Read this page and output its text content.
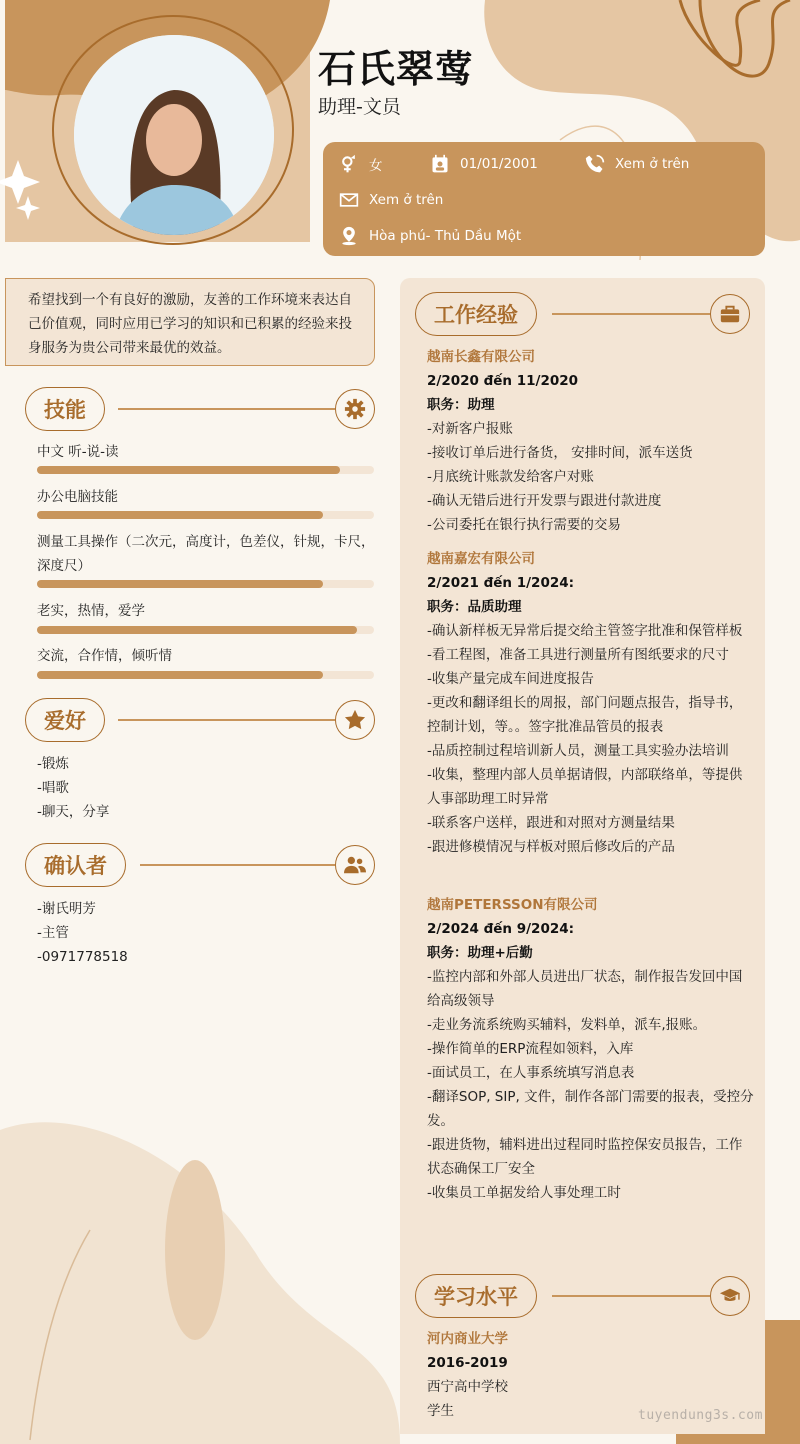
石氏翠莺
助理-文员
女	01/01/2001	Xem ở trên
Xem ở trên
Hòa phú- Thủ Dầu Một
希望找到一个有良好的激励，友善的工作环境来表达自己价值观，同时应用已学习的知识和已积累的经验来投身服务为贵公司带来最优的效益。
技能
中文 听-说-读
办公电脑技能
测量工具操作（二次元，高度计，色差仪，针规，卡尺，深度尺）
老实，热情，爱学
交流，合作情，倾听情
爱好
-锻炼
-唱歌
-聊天，分享
确认者
-谢氏明芳
-主管
-0971778518
工作经验
越南长鑫有限公司
2/2020 đến 11/2020
职务：助理
-对新客户报账
-接收订单后进行备货， 安排时间，派车送货
-月底统计账款发给客户对账
-确认无错后进行开发票与跟进付款进度
-公司委托在银行执行需要的交易
越南嘉宏有限公司
2/2021 đến 1/2024:
职务：品质助理
-确认新样板无异常后提交给主管签字批准和保管样板
-看工程图，准备工具进行测量所有图纸要求的尺寸
-收集产量完成车间进度报告
-更改和翻译组长的周报，部门问题点报告，指导书，控制计划，等。。签字批准品管员的报表
-品质控制过程培训新人员，测量工具实验办法培训
-收集，整理内部人员单据请假，内部联络单，等提供人事部助理工时异常
-联系客户送样，跟进和对照对方测量结果
-跟进修模情况与样板对照后修改后的产品
越南PETERSSON有限公司
2/2024 đến 9/2024:
职务：助理+后勤
-监控内部和外部人员进出厂状态，制作报告发回中国给高级领导
-走业务流系统购买辅料，发料单，派车,报账。
-操作简单的ERP流程如领料，入库
-面试员工，在人事系统填写消息表
-翻译SOP, SIP, 文件，制作各部门需要的报表，受控分发。
-跟进货物，辅料进出过程同时监控保安员报告，工作状态确保工厂安全
-收集员工单据发给人事处理工时
学习水平
河内商业大学
2016-2019
西宁高中学校
学生	tuyendung3s.com
